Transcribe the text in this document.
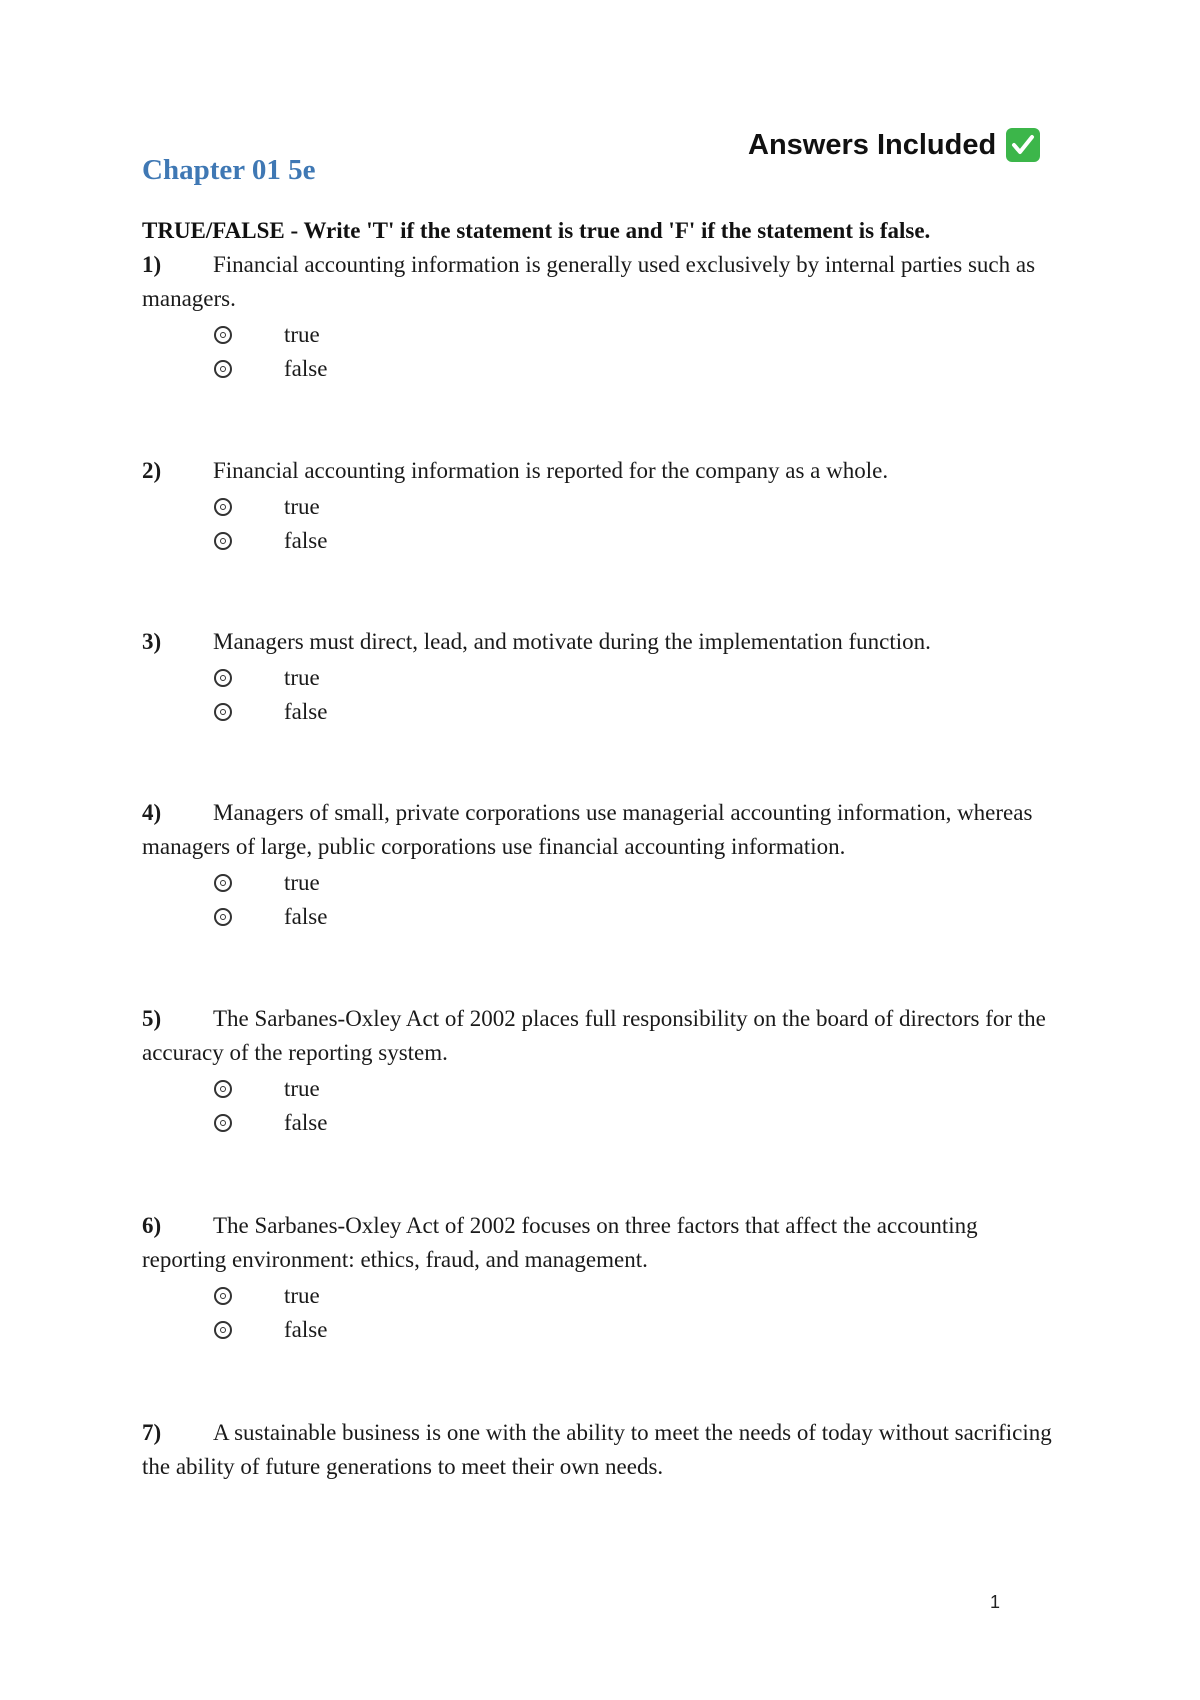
Answers Included
Chapter 01 5e
TRUE/FALSE - Write 'T' if the statement is true and 'F' if the statement is false.

1) Financial accounting information is generally used exclusively by internal parties such as managers.

true
false

2) Financial accounting information is reported for the company as a whole.

true
false

3) Managers must direct, lead, and motivate during the implementation function.

true
false

4) Managers of small, private corporations use managerial accounting information, whereas managers of large, public corporations use financial accounting information.

true
false

5) The Sarbanes-Oxley Act of 2002 places full responsibility on the board of directors for the accuracy of the reporting system.

true
false

6) The Sarbanes-Oxley Act of 2002 focuses on three factors that affect the accounting reporting environment: ethics, fraud, and management.

true
false

7) A sustainable business is one with the ability to meet the needs of today without sacrificing the ability of future generations to meet their own needs.

1
